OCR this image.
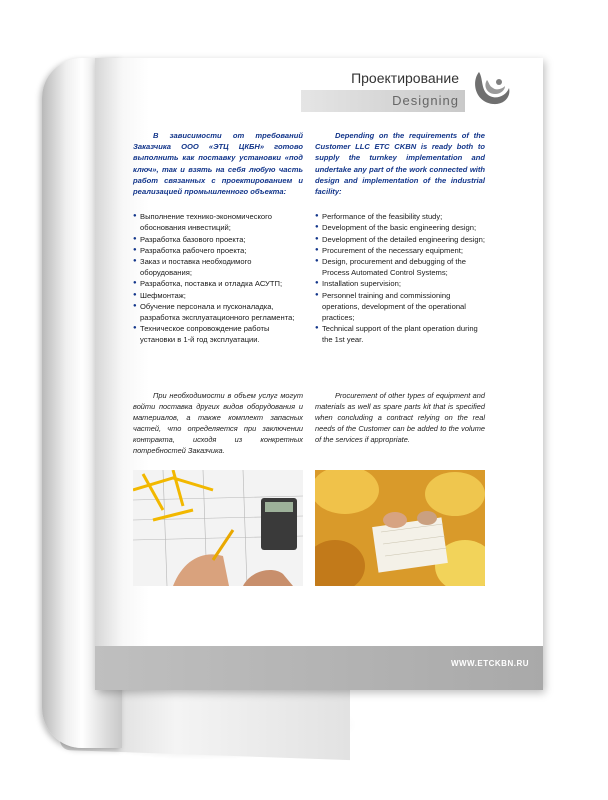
Проектирование
Designing

В зависимости от требований Заказчика ООО «ЭТЦ ЦКБН» готово выполнить как поставку установки «под ключ», так и взять на себя любую часть работ связанных с проектированием и реализацией промышленного объекта:

● Выполнение технико-экономического обоснования инвестиций;
● Разработка базового проекта;
● Разработка рабочего проекта;
● Заказ и поставка необходимого оборудования;
● Разработка, поставка и отладка АСУТП;
● Шефмонтаж;
● Обучение персонала и пусконаладка, разработка эксплуатационного регламента;
● Техническое сопровождение работы установки в 1-й год эксплуатации.

При необходимости в объем услуг могут войти поставка других видов оборудования и материалов, а также комплект запасных частей, что определяется при заключении контракта, исходя из конкретных потребностей Заказчика.

Depending on the requirements of the Customer LLC ETC CKBN is ready both to supply the turnkey implementation and undertake any part of the work connected with design and implementation of the industrial facility:

● Performance of the feasibility study;
● Development of the basic engineering design;
● Development of the detailed engineering design;
● Procurement of the necessary equipment;
● Design, procurement and debugging of the Process Automated Control Systems;
● Installation supervision;
● Personnel training and commissioning operations, development of the operational practices;
● Technical support of the plant operation during the 1st year.

Procurement of other types of equipment and materials as well as spare parts kit that is specified when concluding a contract relying on the real needs of the Customer can be added to the volume of the services if appropriate.

WWW.ETCKBN.RU
